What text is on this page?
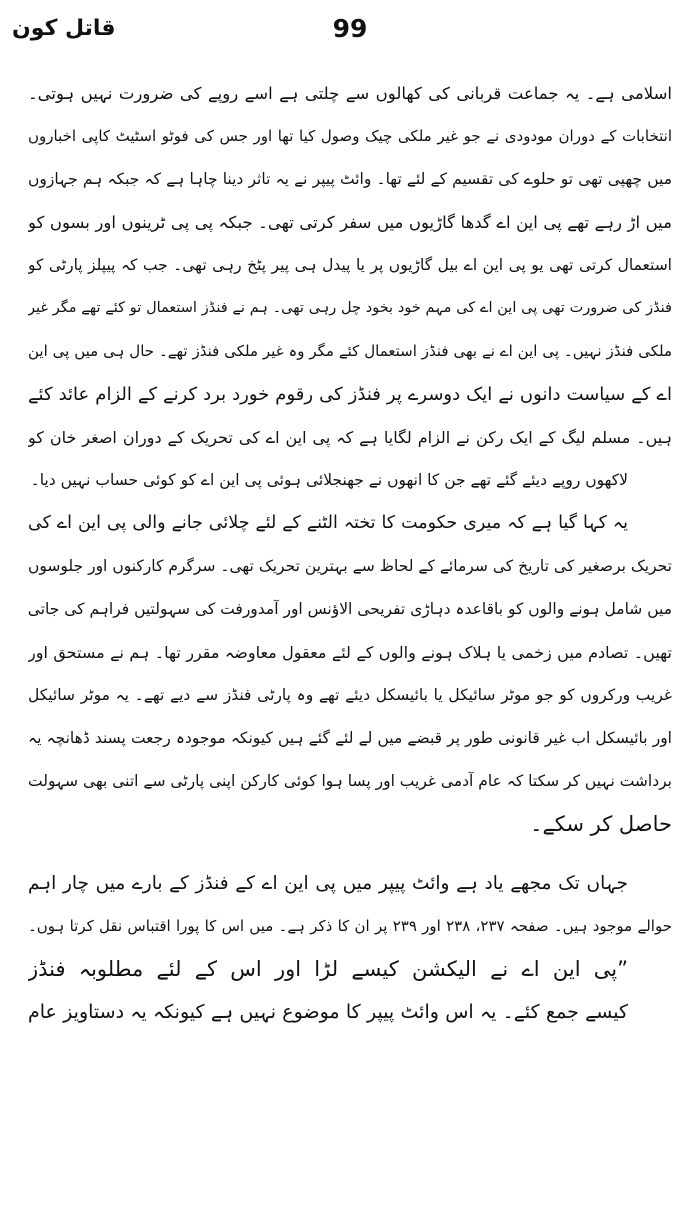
99
قاتل کون
اسلامی ہے۔ یہ جماعت قربانی کی کھالوں سے چلتی ہے اسے روپے کی ضرورت نہیں ہوتی۔
انتخابات کے دوران مودودی نے جو غیر ملکی چیک وصول کیا تھا اور جس کی فوٹو اسٹیٹ کاپی اخباروں
میں چھپی تھی تو حلوے کی تقسیم کے لئے تھا۔ وائٹ پیپر نے یہ تاثر دینا چاہا ہے کہ جبکہ ہم جہازوں
میں اڑ رہے تھے پی این اے گدھا گاڑیوں میں سفر کرتی تھی۔ جبکہ پی پی ٹرینوں اور بسوں کو
استعمال کرتی تھی یو پی این اے بیل گاڑیوں پر یا پیدل ہی پیر پٹخ رہی تھی۔ جب کہ پیپلز پارٹی کو
فنڈز کی ضرورت تھی پی این اے کی مہم خود بخود چل رہی تھی۔ ہم نے فنڈز استعمال تو کئے تھے مگر غیر
ملکی فنڈز نہیں۔ پی این اے نے بھی فنڈز استعمال کئے مگر وہ غیر ملکی فنڈز تھے۔ حال ہی میں پی این
اے کے سیاست دانوں نے ایک دوسرے پر فنڈز کی رقوم خورد برد کرنے کے الزام عائد کئے
ہیں۔ مسلم لیگ کے ایک رکن نے الزام لگایا ہے کہ پی این اے کی تحریک کے دوران اصغر خان کو
لاکھوں روپے دیئے گئے تھے جن کا انھوں نے جھنجلائی ہوئی پی این اے کو کوئی حساب نہیں دیا۔
یہ کہا گیا ہے کہ میری حکومت کا تختہ الٹنے کے لئے چلائی جانے والی پی این اے کی
تحریک برصغیر کی تاریخ کی سرمائے کے لحاظ سے بہترین تحریک تھی۔ سرگرم کارکنوں اور جلوسوں
میں شامل ہونے والوں کو باقاعدہ دہاڑی تفریحی الاؤنس اور آمدورفت کی سہولتیں فراہم کی جاتی
تھیں۔ تصادم میں زخمی یا ہلاک ہونے والوں کے لئے معقول معاوضہ مقرر تھا۔ ہم نے مستحق اور
غریب ورکروں کو جو موٹر سائیکل یا بائیسکل دیئے تھے وہ پارٹی فنڈز سے دیے تھے۔ یہ موٹر سائیکل
اور بائیسکل اب غیر قانونی طور پر قبضے میں لے لئے گئے ہیں کیونکہ موجودہ رجعت پسند ڈھانچہ یہ
برداشت نہیں کر سکتا کہ عام آدمی غریب اور پسا ہوا کوئی کارکن اپنی پارٹی سے اتنی بھی سہولت
حاصل کر سکے۔
جہاں تک مجھے یاد ہے وائٹ پیپر میں پی این اے کے فنڈز کے بارے میں چار اہم
حوالے موجود ہیں۔ صفحہ ۲۳۷، ۲۳۸ اور ۲۳۹ پر ان کا ذکر ہے۔ میں اس کا پورا اقتباس نقل کرتا ہوں۔
”پی این اے نے الیکشن کیسے لڑا اور اس کے لئے مطلوبہ فنڈز
کیسے جمع کئے۔ یہ اس وائٹ پیپر کا موضوع نہیں ہے کیونکہ یہ دستاویز عام
